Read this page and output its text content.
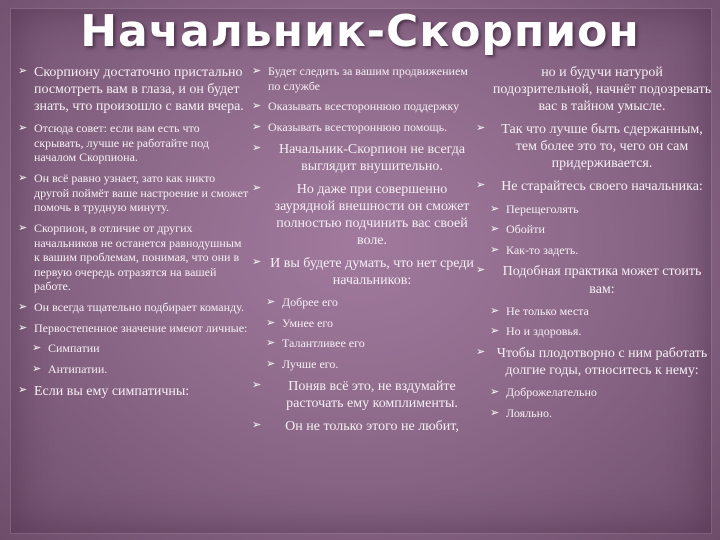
Начальник-Скорпион
➢ Скорпиону достаточно пристально посмотреть вам в глаза, и он будет знать, что произошло с вами вчера.
➢ Отсюда совет: если вам есть что скрывать, лучше не работайте под началом Скорпиона.
➢ Он всё равно узнает, зато как никто другой поймёт ваше настроение и сможет помочь в трудную минуту.
➢ Скорпион, в отличие от других начальников не останется равнодушным к вашим проблемам, понимая, что они в первую очередь отразятся на вашей работе.
➢ Он всегда тщательно подбирает команду.
➢ Первостепенное значение имеют личные:
➢ Симпатии
➢ Антипатии.
➢ Если вы ему симпатичны:
➢ Будет следить за вашим продвижением по службе
➢ Оказывать всестороннюю поддержку
➢ Оказывать всестороннюю помощь.
➢ Начальник-Скорпион не всегда выглядит внушительно.
➢ Но даже при совершенно заурядной внешности он сможет полностью подчинить вас своей воле.
➢ И вы будете думать, что нет среди начальников:
➢ Добрее его
➢ Умнее его
➢ Талантливее его
➢ Лучше его.
➢ Поняв всё это, не вздумайте расточать ему комплименты.
➢ Он не только этого не любит,
но и будучи натурой подозрительной, начнёт подозревать вас в тайном умысле.
➢ Так что лучше быть сдержанным, тем более это то, чего он сам придерживается.
➢ Не старайтесь своего начальника:
➢ Перещеголять
➢ Обойти
➢ Как-то задеть.
➢ Подобная практика может стоить вам:
➢ Не только места
➢ Но и здоровья.
➢ Чтобы плодотворно с ним работать долгие годы, относитесь к нему:
➢ Доброжелательно
➢ Лояльно.
